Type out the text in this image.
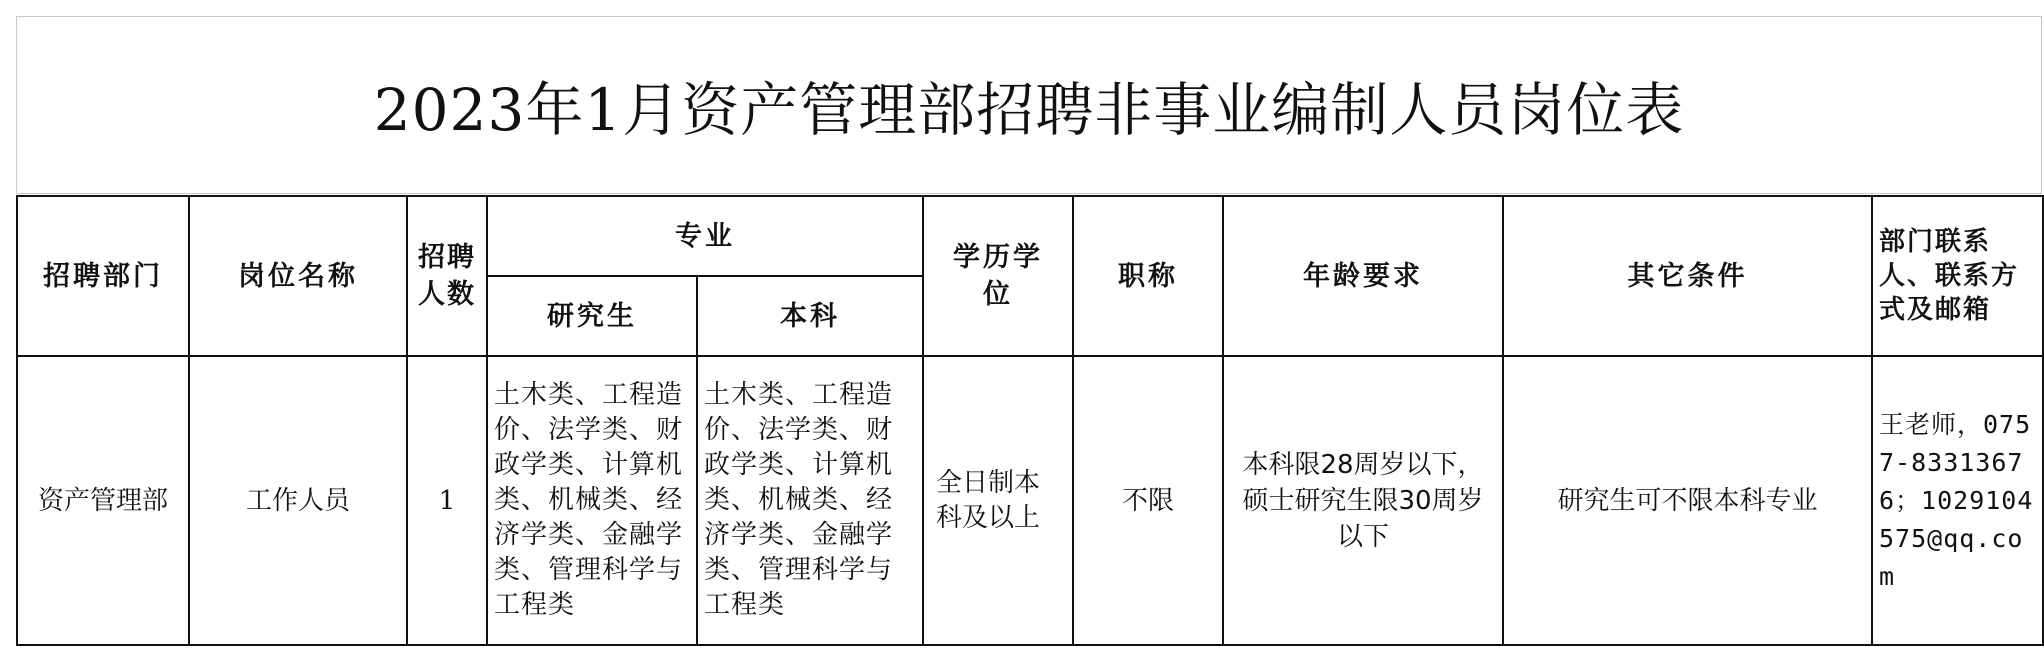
2023年1月资产管理部招聘非事业编制人员岗位表
招聘部门	岗位名称	招聘人数	专业		学历学位	职称	年龄要求	其它条件	部门联系人、联系方式及邮箱
			研究生	本科					
资产管理部	工作人员	1	土木类、工程造价、法学类、财政学类、计算机类、机械类、经济学类、金融学类、管理科学与工程类	土木类、工程造价、法学类、财政学类、计算机类、机械类、经济学类、金融学类、管理科学与工程类	全日制本科及以上	不限	本科限28周岁以下，硕士研究生限30周岁以下	研究生可不限本科专业	王老师，0757-83313676；1029104575@qq.com
